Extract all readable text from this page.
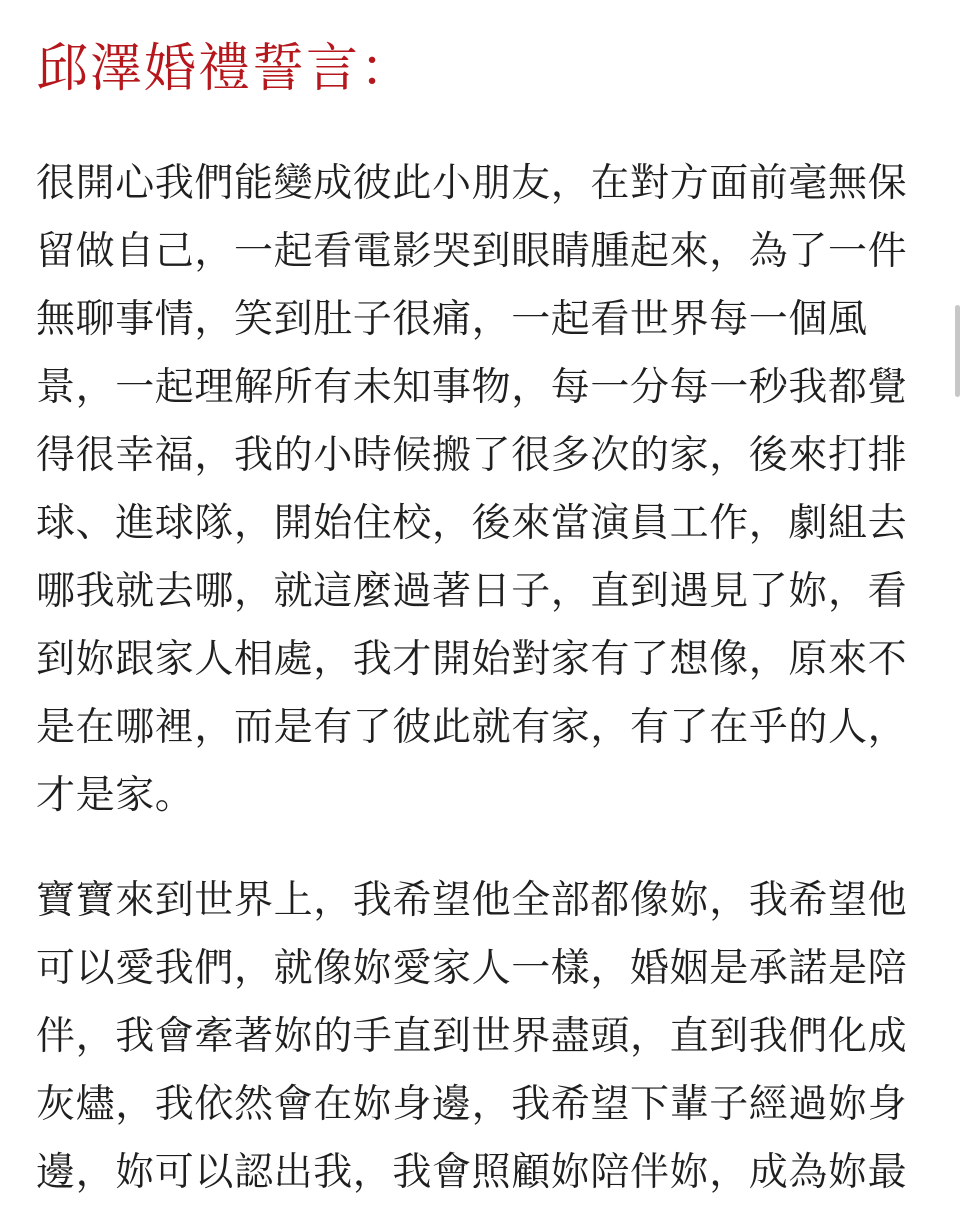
邱澤婚禮誓言：
很開心我們能變成彼此小朋友，在對方面前毫無保
留做自己，一起看電影哭到眼睛腫起來，為了一件
無聊事情，笑到肚子很痛，一起看世界每一個風
景，一起理解所有未知事物，每一分每一秒我都覺
得很幸福，我的小時候搬了很多次的家，後來打排
球、進球隊，開始住校，後來當演員工作，劇組去
哪我就去哪，就這麼過著日子，直到遇見了妳，看
到妳跟家人相處，我才開始對家有了想像，原來不
是在哪裡，而是有了彼此就有家，有了在乎的人，
才是家。
寶寶來到世界上，我希望他全部都像妳，我希望他
可以愛我們，就像妳愛家人一樣，婚姻是承諾是陪
伴，我會牽著妳的手直到世界盡頭，直到我們化成
灰燼，我依然會在妳身邊，我希望下輩子經過妳身
邊，妳可以認出我，我會照顧妳陪伴妳，成為妳最
